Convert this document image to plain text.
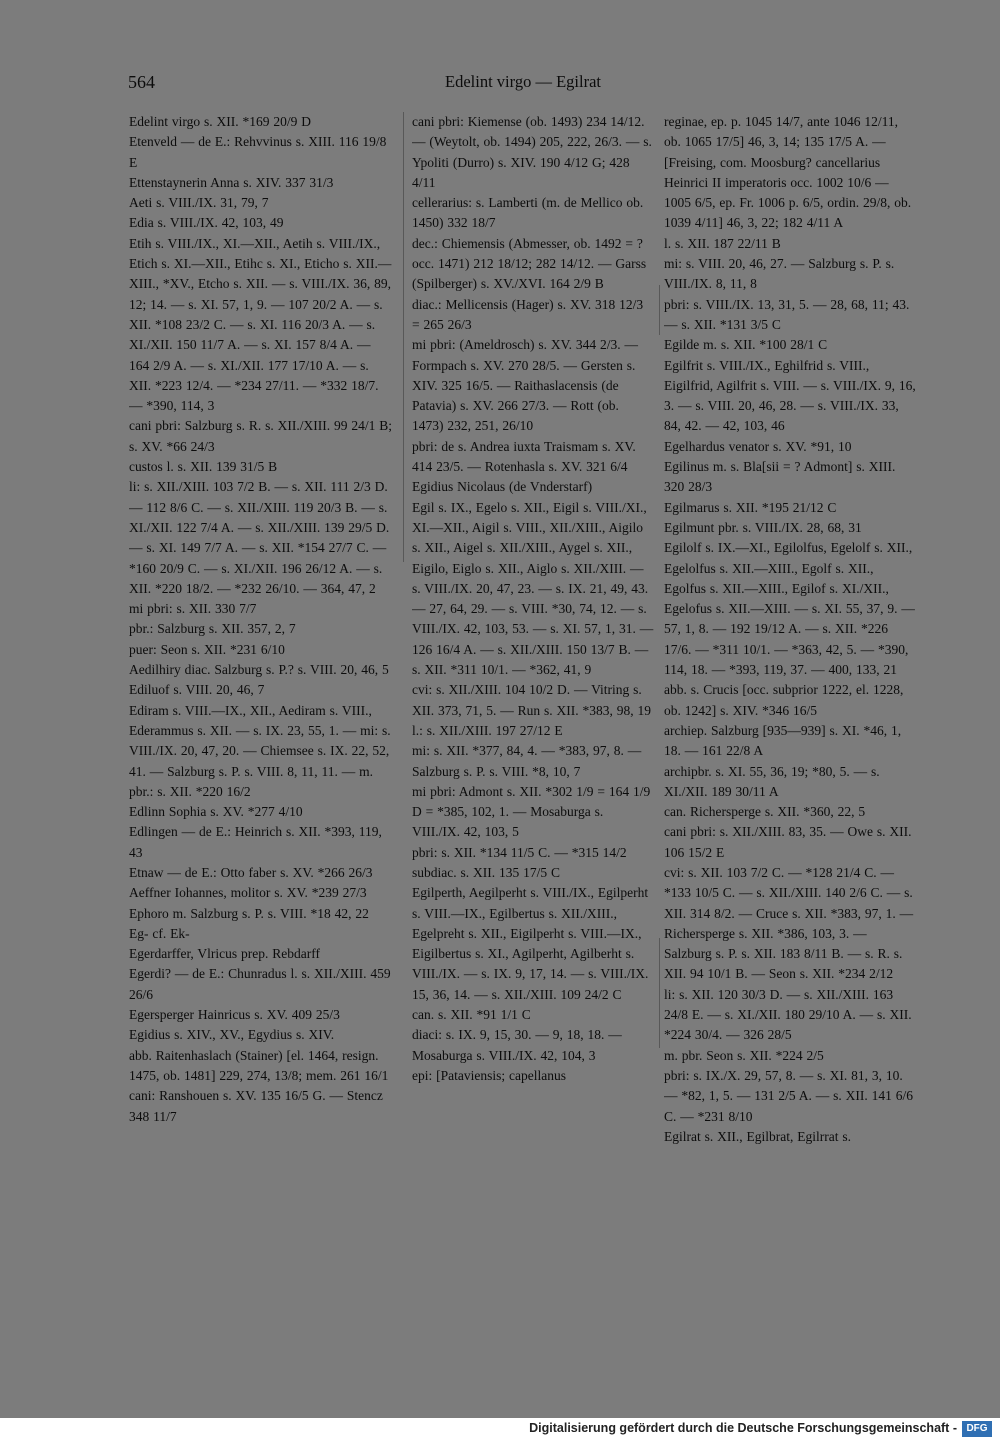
564	Edelint virgo — Egilrat

Edelint virgo s. XII. *169 20/9 D

Etenveld — de E.: Rehvvinus s. XIII. 116 19/8 E

Ettenstaynerin Anna s. XIV. 337 31/3

Aeti s. VIII./IX. 31, 79, 7

Edia s. VIII./IX. 42, 103, 49

Etih s. VIII./IX., XI.—XII., Aetih s. VIII./IX., Etich s. XI.—XII., Etihc s. XI., Eticho s. XII.—XIII., *XV., Etcho s. XII. — s. VIII./IX. 36, 89, 12; 14. — s. XI. 57, 1, 9. — 107 20/2 A. — s. XII. *108 23/2 C. — s. XI. 116 20/3 A. — s. XI./XII. 150 11/7 A. — s. XI. 157 8/4 A. — 164 2/9 A. — s. XI./XII. 177 17/10 A. — s. XII. *223 12/4. — *234 27/11. — *332 18/7. — *390, 114, 3

cani pbri: Salzburg s. R. s. XII./XIII. 99 24/1 B; s. XV. *66 24/3

custos l. s. XII. 139 31/5 B

li: s. XII./XIII. 103 7/2 B. — s. XII. 111 2/3 D. — 112 8/6 C. — s. XII./XIII. 119 20/3 B. — s. XI./XII. 122 7/4 A. — s. XII./XIII. 139 29/5 D. — s. XI. 149 7/7 A. — s. XII. *154 27/7 C. — *160 20/9 C. — s. XI./XII. 196 26/12 A. — s. XII. *220 18/2. — *232 26/10. — 364, 47, 2

mi pbri: s. XII. 330 7/7

pbr.: Salzburg s. XII. 357, 2, 7

puer: Seon s. XII. *231 6/10

Aedilhiry diac. Salzburg s. P.? s. VIII. 20, 46, 5

Ediluof s. VIII. 20, 46, 7

Ediram s. VIII.—IX., XII., Aediram s. VIII., Ederammus s. XII. — s. IX. 23, 55, 1. — mi: s. VIII./IX. 20, 47, 20. — Chiemsee s. IX. 22, 52, 41. — Salzburg s. P. s. VIII. 8, 11, 11. — m. pbr.: s. XII. *220 16/2

Edlinn Sophia s. XV. *277 4/10

Edlingen — de E.: Heinrich s. XII. *393, 119, 43

Etnaw — de E.: Otto faber s. XV. *266 26/3

Aeffner Iohannes, molitor s. XV. *239 27/3

Ephoro m. Salzburg s. P. s. VIII. *18 42, 22

Eg- cf. Ek-

Egerdarffer, Vlricus prep. Rebdarff

Egerdi? — de E.: Chunradus l. s. XII./XIII. 459 26/6

Egersperger Hainricus s. XV. 409 25/3

Egidius s. XIV., XV., Egydius s. XIV.

abb. Raitenhaslach (Stainer) [el. 1464, resign. 1475, ob. 1481] 229, 274, 13/8; mem. 261 16/1

cani: Ranshouen s. XV. 135 16/5 G. — Stencz 348 11/7

cani pbri: Kiemense (ob. 1493) 234 14/12. — (Weytolt, ob. 1494) 205, 222, 26/3. — s. Ypoliti (Durro) s. XIV. 190 4/12 G; 428 4/11

cellerarius: s. Lamberti (m. de Mellico ob. 1450) 332 18/7

dec.: Chiemensis (Abmesser, ob. 1492 = ? occ. 1471) 212 18/12; 282 14/12. — Garss (Spilberger) s. XV./XVI. 164 2/9 B

diac.: Mellicensis (Hager) s. XV. 318 12/3 = 265 26/3

mi pbri: (Ameldrosch) s. XV. 344 2/3. — Formpach s. XV. 270 28/5. — Gersten s. XIV. 325 16/5. — Raithaslacensis (de Patavia) s. XV. 266 27/3. — Rott (ob. 1473) 232, 251, 26/10

pbri: de s. Andrea iuxta Traismam s. XV. 414 23/5. — Rotenhasla s. XV. 321 6/4

Egidius Nicolaus (de Vnderstarf)

Egil s. IX., Egelo s. XII., Eigil s. VIII./XI., XI.—XII., Aigil s. VIII., XII./XIII., Aigilo s. XII., Aigel s. XII./XIII., Aygel s. XII., Eigilo, Eiglo s. XII., Aiglo s. XII./XIII. — s. VIII./IX. 20, 47, 23. — s. IX. 21, 49, 43. — 27, 64, 29. — s. VIII. *30, 74, 12. — s. VIII./IX. 42, 103, 53. — s. XI. 57, 1, 31. — 126 16/4 A. — s. XII./XIII. 150 13/7 B. — s. XII. *311 10/1. — *362, 41, 9

cvi: s. XII./XIII. 104 10/2 D. — Vitring s. XII. 373, 71, 5. — Run s. XII. *383, 98, 19

l.: s. XII./XIII. 197 27/12 E

mi: s. XII. *377, 84, 4. — *383, 97, 8. — Salzburg s. P. s. VIII. *8, 10, 7

mi pbri: Admont s. XII. *302 1/9 = 164 1/9 D = *385, 102, 1. — Mosaburga s. VIII./IX. 42, 103, 5

pbri: s. XII. *134 11/5 C. — *315 14/2

subdiac. s. XII. 135 17/5 C

Egilperth, Aegilperht s. VIII./IX., Egilperht s. VIII.—IX., Egilbertus s. XII./XIII., Egelpreht s. XII., Eigilperht s. VIII.—IX., Eigilbertus s. XI., Agilperht, Agilberht s. VIII./IX. — s. IX. 9, 17, 14. — s. VIII./IX. 15, 36, 14. — s. XII./XIII. 109 24/2 C

can. s. XII. *91 1/1 C

diaci: s. IX. 9, 15, 30. — 9, 18, 18. — Mosaburga s. VIII./IX. 42, 104, 3

epi: [Pataviensis; capellanus

reginae, ep. p. 1045 14/7, ante 1046 12/11, ob. 1065 17/5] 46, 3, 14; 135 17/5 A. — [Freising, com. Moosburg? cancellarius Heinrici II imperatoris occ. 1002 10/6 — 1005 6/5, ep. Fr. 1006 p. 6/5, ordin. 29/8, ob. 1039 4/11] 46, 3, 22; 182 4/11 A

l. s. XII. 187 22/11 B

mi: s. VIII. 20, 46, 27. — Salzburg s. P. s. VIII./IX. 8, 11, 8

pbri: s. VIII./IX. 13, 31, 5. — 28, 68, 11; 43. — s. XII. *131 3/5 C

Egilde m. s. XII. *100 28/1 C

Egilfrit s. VIII./IX., Eghilfrid s. VIII., Eigilfrid, Agilfrit s. VIII. — s. VIII./IX. 9, 16, 3. — s. VIII. 20, 46, 28. — s. VIII./IX. 33, 84, 42. — 42, 103, 46

Egelhardus venator s. XV. *91, 10

Egilinus m. s. Bla[sii = ? Admont] s. XIII. 320 28/3

Egilmarus s. XII. *195 21/12 C

Egilmunt pbr. s. VIII./IX. 28, 68, 31

Egilolf s. IX.—XI., Egilolfus, Egelolf s. XII., Egelolfus s. XII.—XIII., Egolf s. XII., Egolfus s. XII.—XIII., Egilof s. XI./XII., Egelofus s. XII.—XIII. — s. XI. 55, 37, 9. — 57, 1, 8. — 192 19/12 A. — s. XII. *226 17/6. — *311 10/1. — *363, 42, 5. — *390, 114, 18. — *393, 119, 37. — 400, 133, 21

abb. s. Crucis [occ. subprior 1222, el. 1228, ob. 1242] s. XIV. *346 16/5

archiep. Salzburg [935—939] s. XI. *46, 1, 18. — 161 22/8 A

archipbr. s. XI. 55, 36, 19; *80, 5. — s. XI./XII. 189 30/11 A

can. Richersperge s. XII. *360, 22, 5

cani pbri: s. XII./XIII. 83, 35. — Owe s. XII. 106 15/2 E

cvi: s. XII. 103 7/2 C. — *128 21/4 C. — *133 10/5 C. — s. XII./XIII. 140 2/6 C. — s. XII. 314 8/2. — Cruce s. XII. *383, 97, 1. — Richersperge s. XII. *386, 103, 3. — Salzburg s. P. s. XII. 183 8/11 B. — s. R. s. XII. 94 10/1 B. — Seon s. XII. *234 2/12

li: s. XII. 120 30/3 D. — s. XII./XIII. 163 24/8 E. — s. XI./XII. 180 29/10 A. — s. XII. *224 30/4. — 326 28/5

m. pbr. Seon s. XII. *224 2/5

pbri: s. IX./X. 29, 57, 8. — s. XI. 81, 3, 10. — *82, 1, 5. — 131 2/5 A. — s. XII. 141 6/6 C. — *231 8/10

Egilrat s. XII., Egilbrat, Egilrrat s.

Digitalisierung gefördert durch die Deutsche Forschungsgemeinschaft - DFG
